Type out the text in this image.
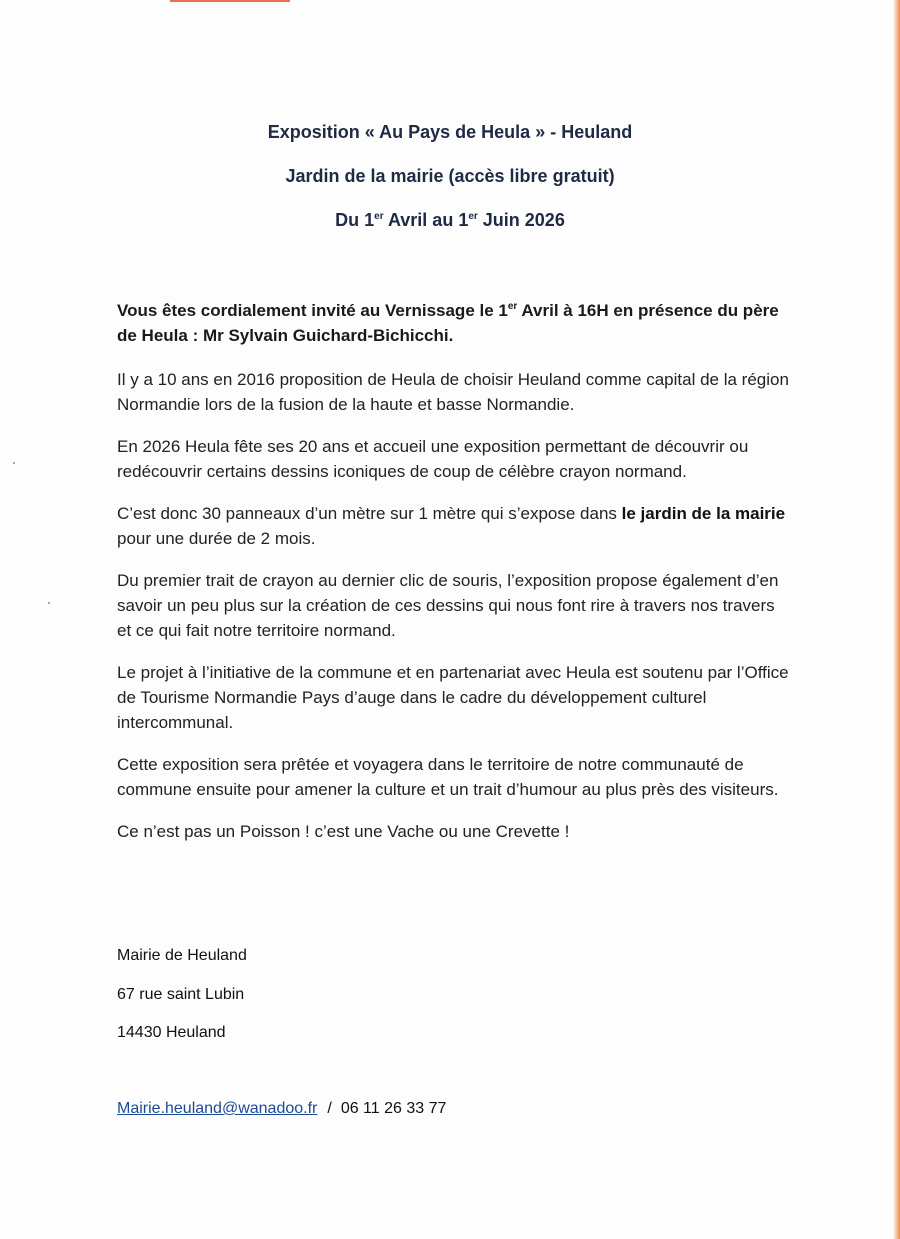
Exposition « Au Pays de Heula » - Heuland
Jardin de la mairie (accès libre gratuit)
Du 1er Avril au 1er Juin 2026

Vous êtes cordialement invité au Vernissage le 1er Avril à 16H en présence du père de Heula : Mr Sylvain Guichard-Bichicchi.

Il y a 10 ans en 2016 proposition de Heula de choisir Heuland comme capital de la région Normandie lors de la fusion de la haute et basse Normandie.

En 2026 Heula fête ses 20 ans et accueil une exposition permettant de découvrir ou redécouvrir certains dessins iconiques de coup de célèbre crayon normand.

C’est donc 30 panneaux d’un mètre sur 1 mètre qui s’expose dans le jardin de la mairie pour une durée de 2 mois.

Du premier trait de crayon au dernier clic de souris, l’exposition propose également d’en savoir un peu plus sur la création de ces dessins qui nous font rire à travers nos travers et ce qui fait notre territoire normand.

Le projet à l’initiative de la commune et en partenariat avec Heula est soutenu par l’Office de Tourisme Normandie Pays d’auge dans le cadre du développement culturel intercommunal.

Cette exposition sera prêtée et voyagera dans le territoire de notre communauté de commune ensuite pour amener la culture et un trait d’humour au plus près des visiteurs.

Ce n’est pas un Poisson ! c’est une Vache ou une Crevette !

Mairie de Heuland
67 rue saint Lubin
14430 Heuland
Mairie.heuland@wanadoo.fr / 06 11 26 33 77
